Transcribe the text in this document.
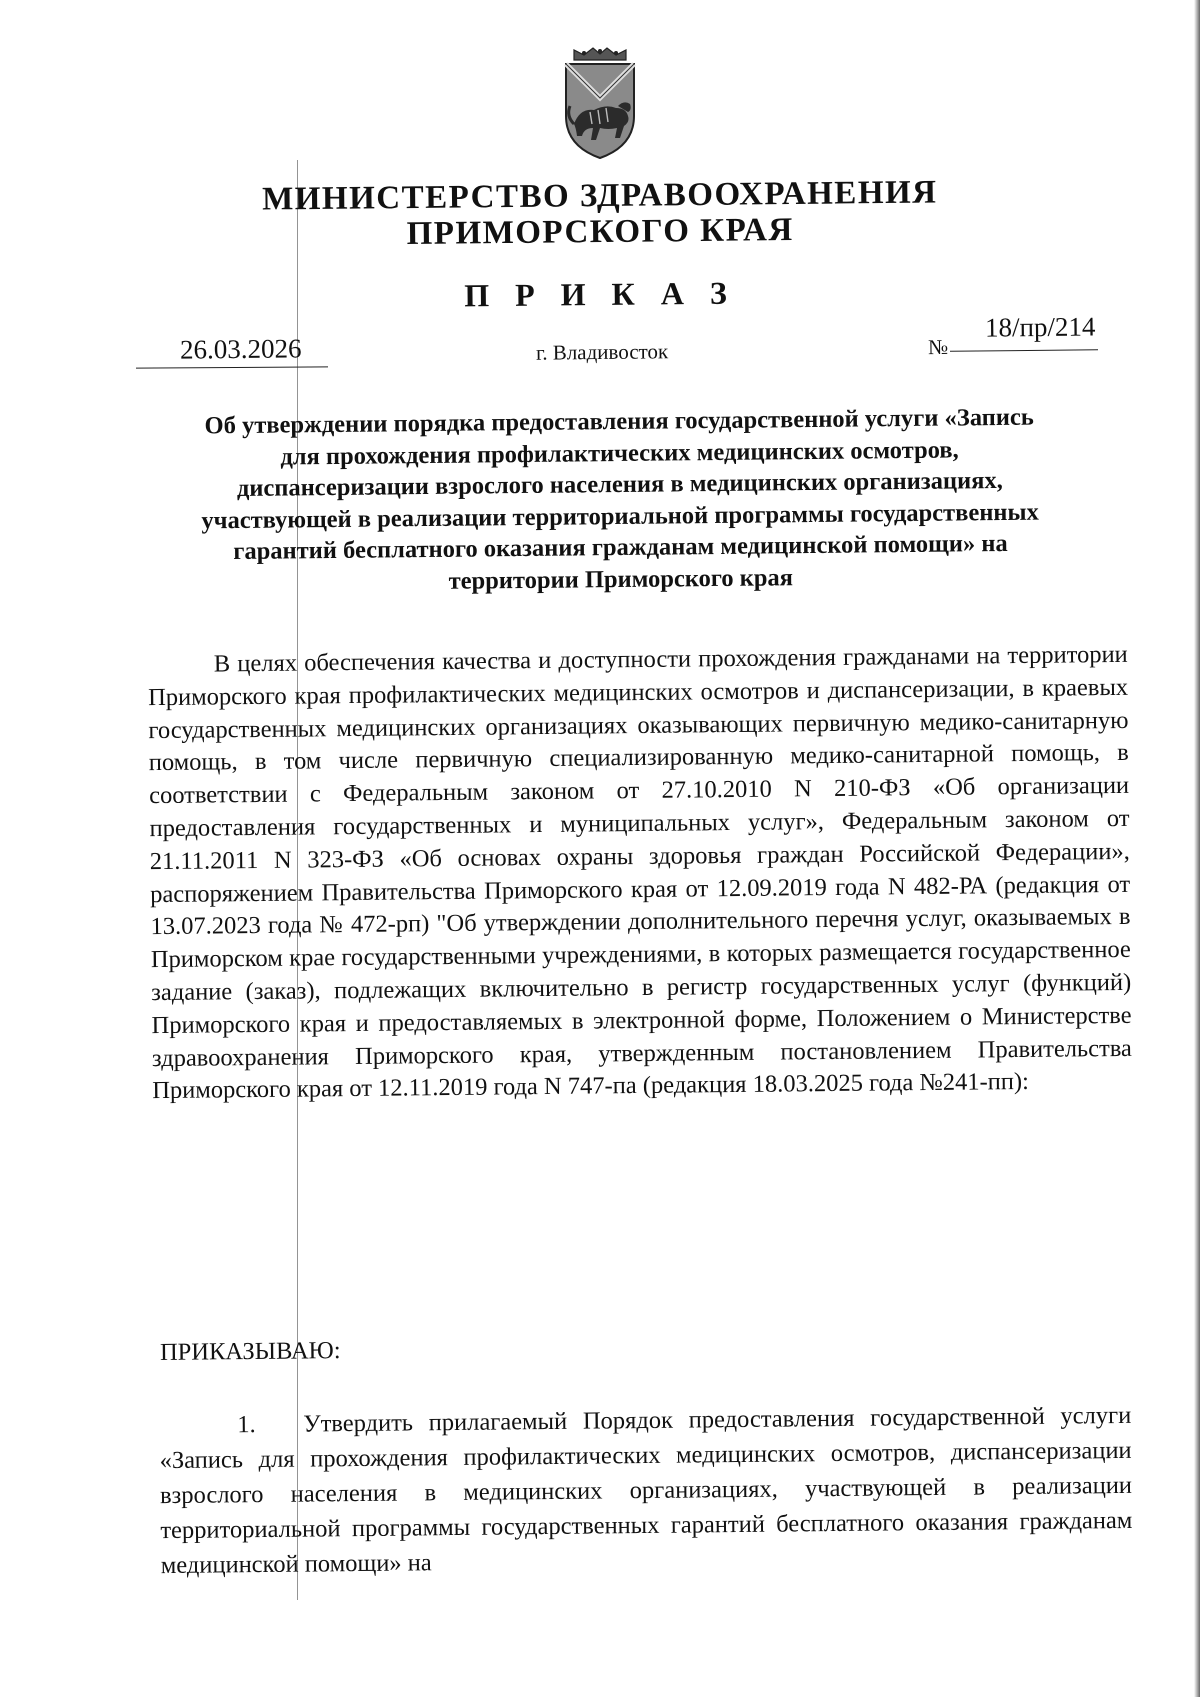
МИНИСТЕРСТВО ЗДРАВООХРАНЕНИЯ
ПРИМОРСКОГО КРАЯ
П Р И К А З
26.03.2026	г. Владивосток	№
18/пр/214
Об утверждении порядка предоставления государственной услуги «Запись
для прохождения профилактических медицинских осмотров,
диспансеризации взрослого населения в медицинских организациях,
участвующей в реализации территориальной программы государственных
гарантий бесплатного оказания гражданам медицинской помощи» на
территории Приморского края
В целях обеспечения качества и доступности прохождения гражданами на территории Приморского края профилактических медицинских осмотров и диспансеризации, в краевых государственных медицинских организациях оказывающих первичную медико-санитарную помощь, в том числе первичную специализированную медико-санитарной помощь, в соответствии с Федеральным законом от 27.10.2010 N 210-ФЗ «Об организации предоставления государственных и муниципальных услуг», Федеральным законом от 21.11.2011 N 323-ФЗ «Об основах охраны здоровья граждан Российской Федерации», распоряжением Правительства Приморского края от 12.09.2019 года N 482-РА (редакция от 13.07.2023 года № 472-рп) "Об утверждении дополнительного перечня услуг, оказываемых в Приморском крае государственными учреждениями, в которых размещается государственное задание (заказ), подлежащих включительно в регистр государственных услуг (функций) Приморского края и предоставляемых в электронной форме, Положением о Министерстве здравоохранения Приморского края, утвержденным постановлением Правительства Приморского края от 12.11.2019 года N 747-па (редакция 18.03.2025 года №241-пп):
ПРИКАЗЫВАЮ:
1. Утвердить прилагаемый Порядок предоставления государственной услуги «Запись для прохождения профилактических медицинских осмотров, диспансеризации взрослого населения в медицинских организациях, участвующей в реализации территориальной программы государственных гарантий бесплатного оказания гражданам медицинской помощи» на
